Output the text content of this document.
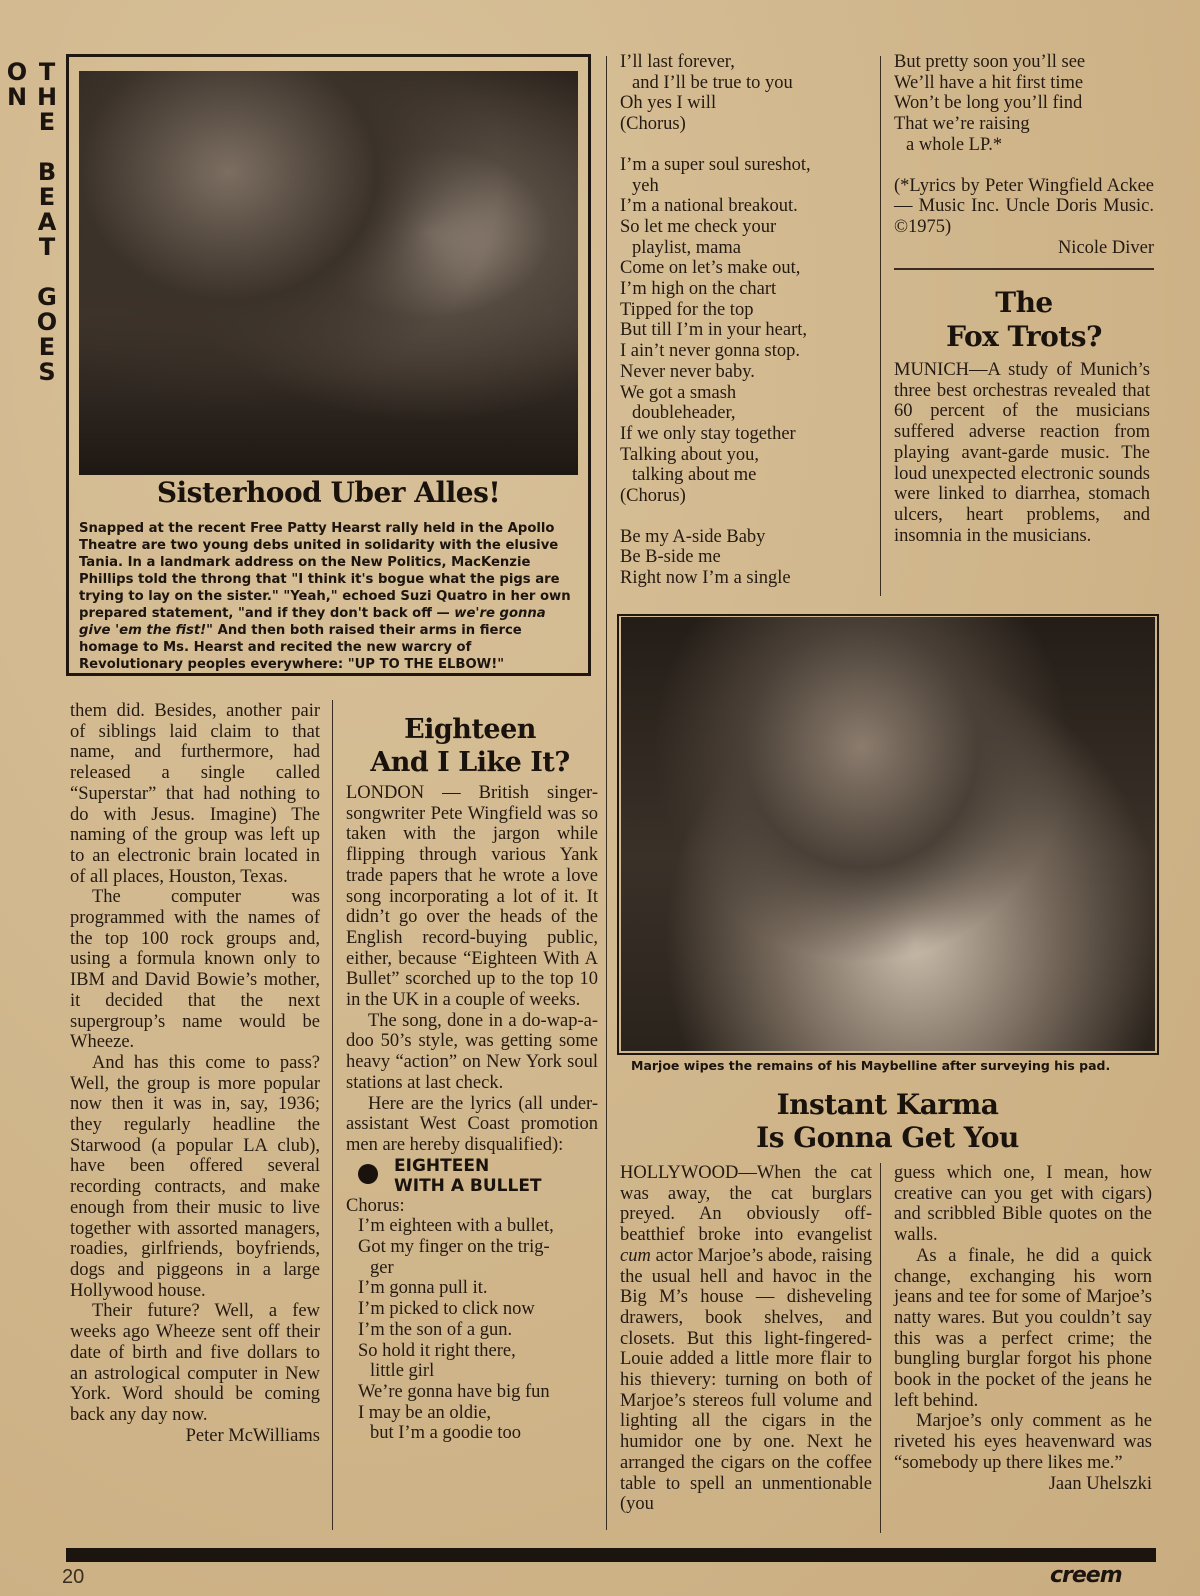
THE BEAT GOES ON
Sisterhood Uber Alles!
Snapped at the recent Free Patty Hearst rally held in the Apollo Theatre are two young debs united in solidarity with the elusive Tania. In a landmark address on the New Politics, MacKenzie Phillips told the throng that "I think it's bogue what the pigs are trying to lay on the sister." "Yeah," echoed Suzi Quatro in her own prepared statement, "and if they don't back off — we're gonna give 'em the fist!" And then both raised their arms in fierce homage to Ms. Hearst and recited the new warcry of Revolutionary peoples everywhere: "UP TO THE ELBOW!"

them did. Besides, another pair of siblings laid claim to that name, and furthermore, had released a single called “Superstar” that had nothing to do with Jesus. Imagine) The naming of the group was left up to an electronic brain located in of all places, Houston, Texas.

The computer was programmed with the names of the top 100 rock groups and, using a formula known only to IBM and David Bowie’s mother, it decided that the next supergroup’s name would be Wheeze.

And has this come to pass? Well, the group is more popular now then it was in, say, 1936; they regularly headline the Starwood (a popular LA club), have been offered several recording contracts, and make enough from their music to live together with assorted managers, roadies, girlfriends, boyfriends, dogs and piggeons in a large Hollywood house.

Their future? Well, a few weeks ago Wheeze sent off their date of birth and five dollars to an astrological computer in New York. Word should be coming back any day now.

Peter McWilliams

Eighteen
And I Like It?

LONDON — British singer-songwriter Pete Wingfield was so taken with the jargon while flipping through various Yank trade papers that he wrote a love song incorporating a lot of it. It didn’t go over the heads of the English record-buying public, either, because “Eighteen With A Bullet” scorched up to the top 10 in the UK in a couple of weeks.

The song, done in a do-wap-a-doo 50’s style, was getting some heavy “action” on New York soul stations at last check.

Here are the lyrics (all under-assistant West Coast promotion men are hereby disqualified):

EIGHTEEN
WITH A BULLET

Chorus:

I’m eighteen with a bullet,
Got my finger on the trig-
ger
I’m gonna pull it.
I’m picked to click now
I’m the son of a gun.
So hold it right there,
little girl
We’re gonna have big fun
I may be an oldie,
but I’m a goodie too
I’ll last forever,
and I’ll be true to you
Oh yes I will
(Chorus)
I’m a super soul sureshot,
yeh
I’m a national breakout.
So let me check your
playlist, mama
Come on let’s make out,
I’m high on the chart
Tipped for the top
But till I’m in your heart,
I ain’t never gonna stop.
Never never baby.
We got a smash
doubleheader,
If we only stay together
Talking about you,
talking about me
(Chorus)
Be my A-side Baby
Be B-side me
Right now I’m a single
But pretty soon you’ll see
We’ll have a hit first time
Won’t be long you’ll find
That we’re raising
a whole LP.*

(*Lyrics by Peter Wingfield Ackee — Music Inc. Uncle Doris Music. ©1975)

Nicole Diver

The
Fox Trots?
MUNICH—A study of Munich’s three best orchestras revealed that 60 percent of the musicians suffered adverse reaction from playing avant-garde music. The loud unexpected electronic sounds were linked to diarrhea, stomach ulcers, heart problems, and insomnia in the musicians.
Marjoe wipes the remains of his Maybelline after surveying his pad.
Instant Karma
Is Gonna Get You

HOLLYWOOD—When the cat was away, the cat burglars preyed. An obviously off-beatthief broke into evangelist cum actor Marjoe’s abode, raising the usual hell and havoc in the Big M’s house — disheveling drawers, book shelves, and closets. But this light-fingered-Louie added a little more flair to his thievery: turning on both of Marjoe’s stereos full volume and lighting all the cigars in the humidor one by one. Next he arranged the cigars on the coffee table to spell an unmentionable (you

guess which one, I mean, how creative can you get with cigars) and scribbled Bible quotes on the walls.

As a finale, he did a quick change, exchanging his worn jeans and tee for some of Marjoe’s natty wares. But you couldn’t say this was a perfect crime; the bungling burglar forgot his phone book in the pocket of the jeans he left behind.

Marjoe’s only comment as he riveted his eyes heavenward was “somebody up there likes me.”

Jaan Uhelszki

20	creem
